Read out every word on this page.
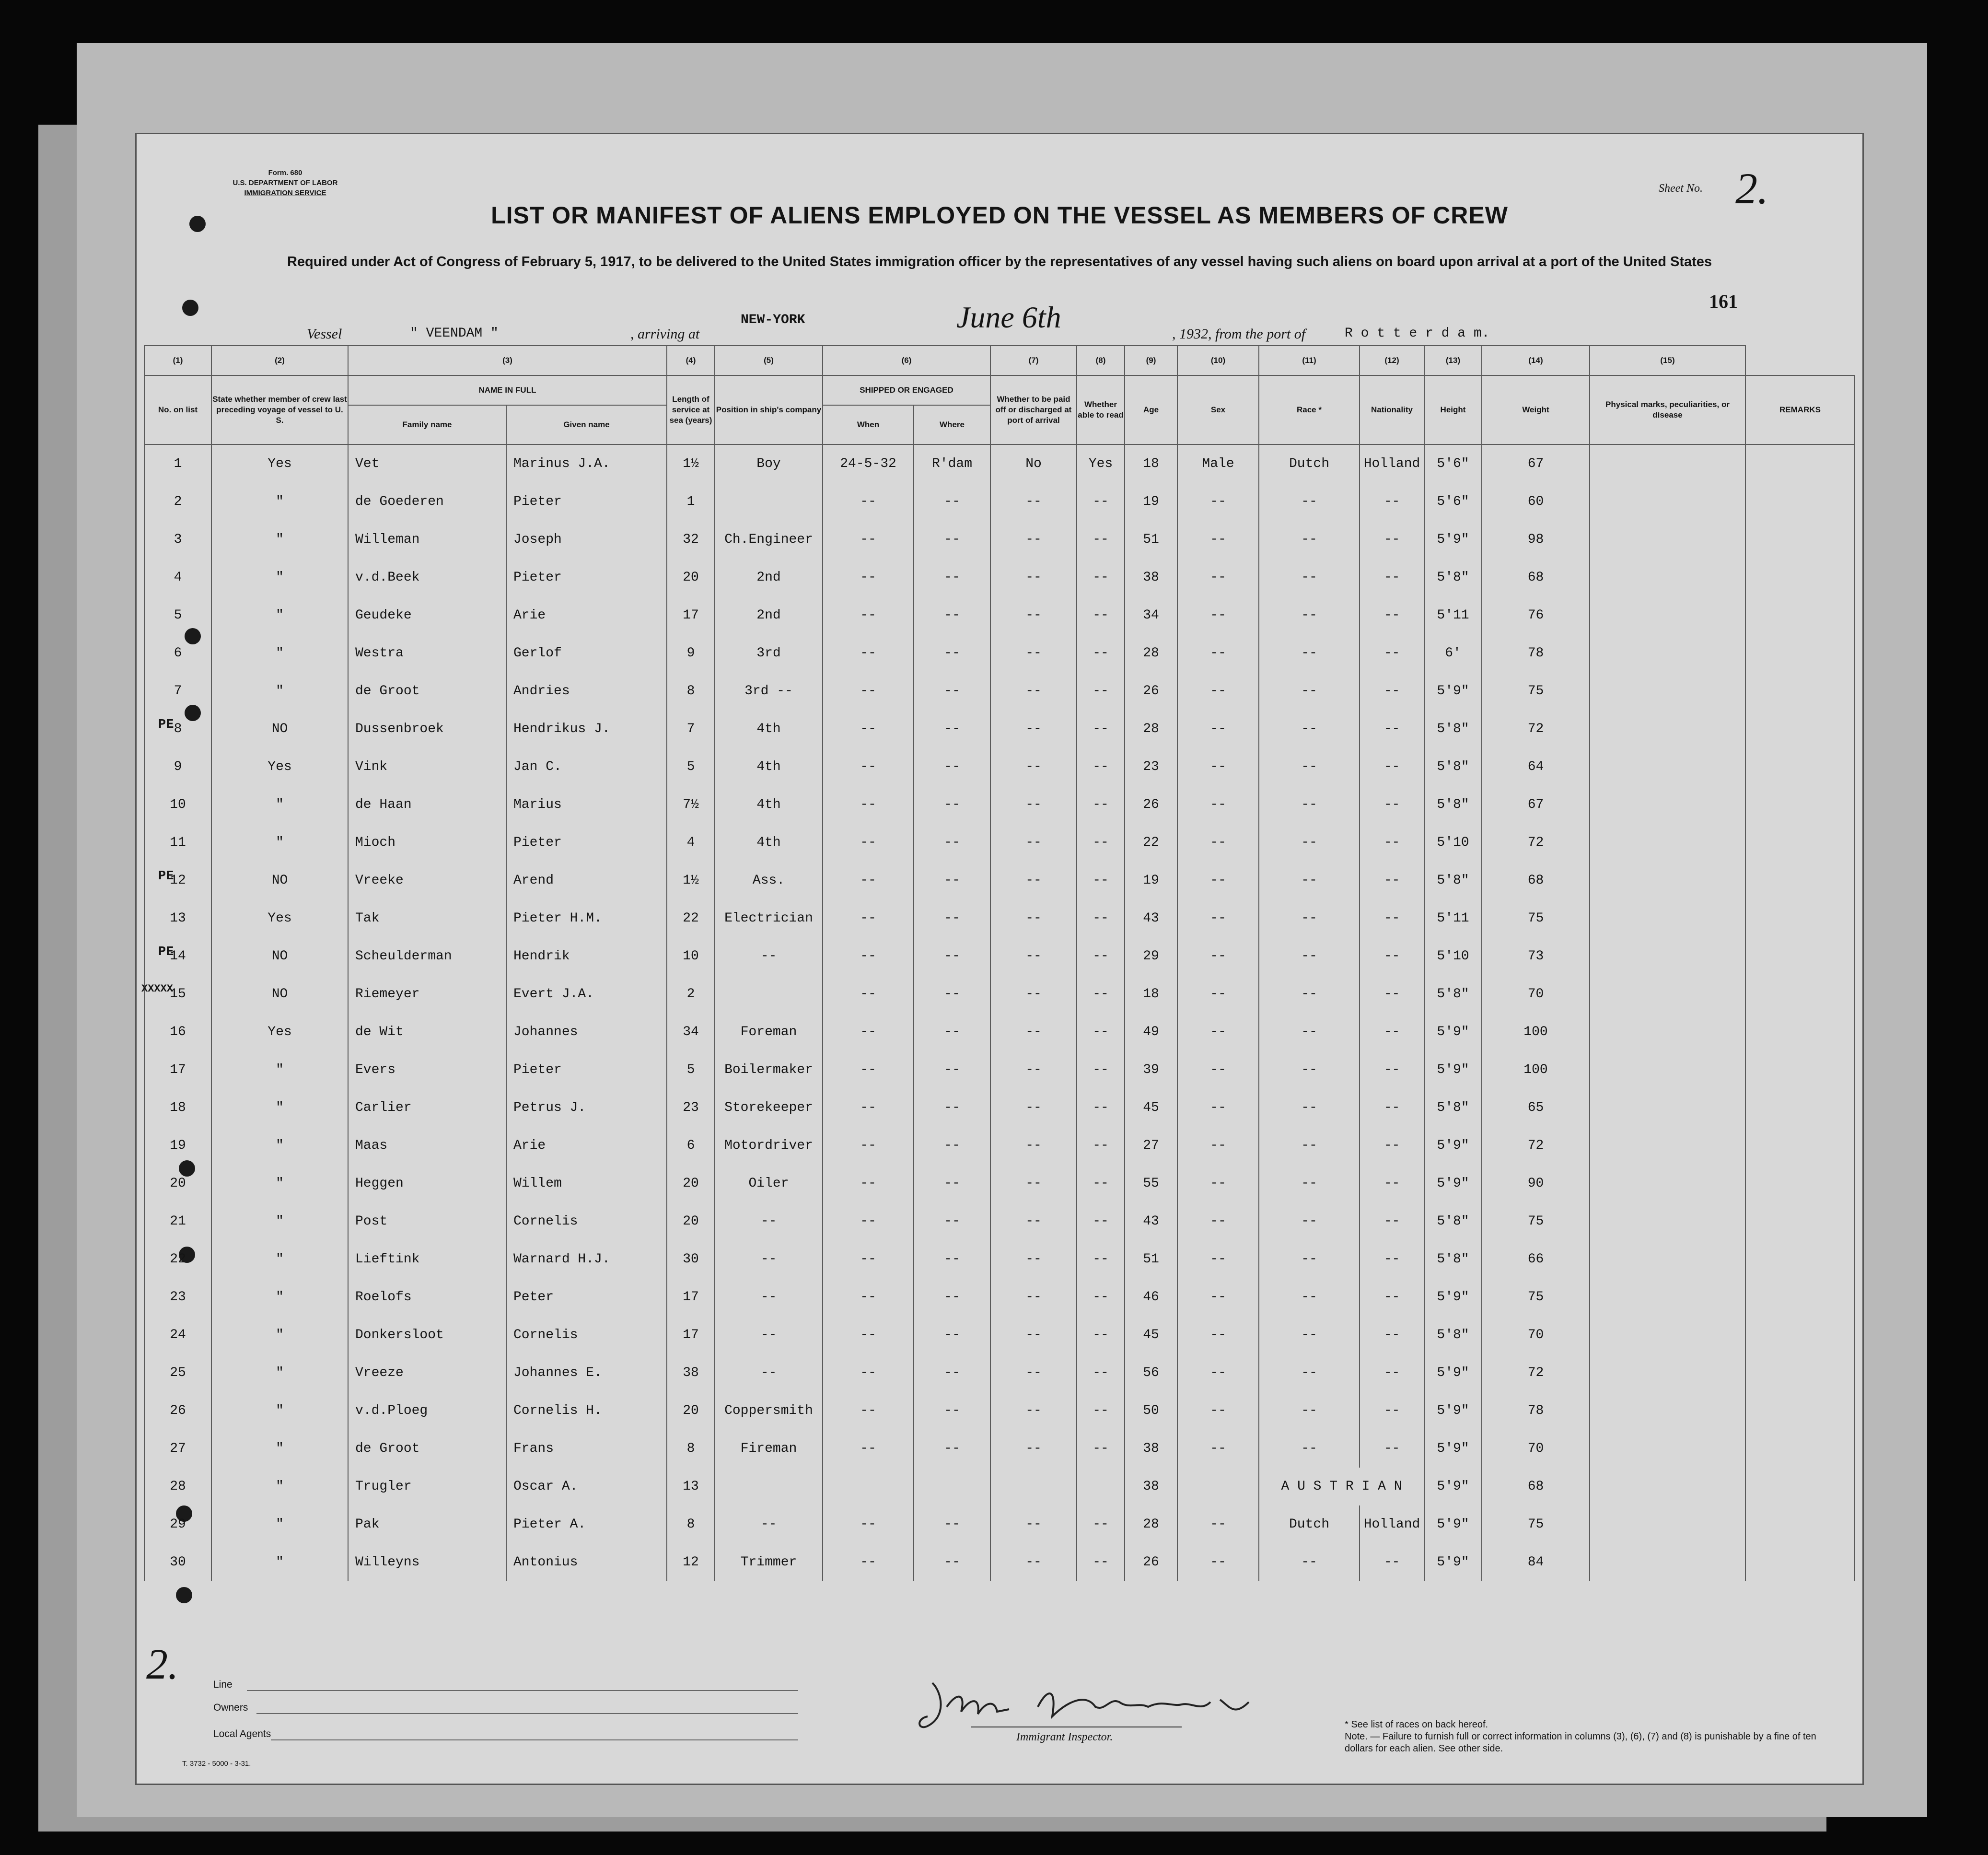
Form. 680
U.S. DEPARTMENT OF LABOR
IMMIGRATION SERVICE
LIST OR MANIFEST OF ALIENS EMPLOYED ON THE VESSEL AS MEMBERS OF CREW
Required under Act of Congress of February 5, 1917, to be delivered to the United States immigration officer by the representatives of any vessel having such aliens on board upon arrival at a port of the United States
Sheet No. 2.
161
Vessel	" VEENDAM "	, arriving at
NEW-YORK	June 6th	, 1932, from the port of	R o t t e r d a m.
(1)	(2)	(3)		(4)	(5)	(6)		(7)	(8)	(9)	(10)	(11)	(12)	(13)	(14)	(15)	
No. on list	State whether member of crew last preceding voyage of vessel to U. S.	NAME IN FULL		Length of service at sea (years)	Position in ship's company	SHIPPED OR ENGAGED		Whether to be paid off or discharged at port of arrival	Whether able to read	Age	Sex	Race *	Nationality	Height	Weight	Physical marks, peculiarities, or disease	REMARKS
		Family name	Given name			When	Where										
1	Yes	Vet	Marinus J.A.	1½	Boy	24-5-32	R'dam	No	Yes	18	Male	Dutch	Holland	5'6"	67		
2	"	de Goederen	Pieter	1		--	--	--	--	19	--	--	--	5'6"	60		
3	"	Willeman	Joseph	32	Ch.Engineer	--	--	--	--	51	--	--	--	5'9"	98		
4	"	v.d.Beek	Pieter	20	2nd	--	--	--	--	38	--	--	--	5'8"	68		
5	"	Geudeke	Arie	17	2nd	--	--	--	--	34	--	--	--	5'11	76		
6	"	Westra	Gerlof	9	3rd	--	--	--	--	28	--	--	--	6'	78		
7	"	de Groot	Andries	8	3rd --	--	--	--	--	26	--	--	--	5'9"	75		
8	NO	Dussenbroek	Hendrikus J.	7	4th	--	--	--	--	28	--	--	--	5'8"	72		
9	Yes	Vink	Jan C.	5	4th	--	--	--	--	23	--	--	--	5'8"	64		
10	"	de Haan	Marius	7½	4th	--	--	--	--	26	--	--	--	5'8"	67		
11	"	Mioch	Pieter	4	4th	--	--	--	--	22	--	--	--	5'10	72		
12	NO	Vreeke	Arend	1½	Ass.	--	--	--	--	19	--	--	--	5'8"	68		
13	Yes	Tak	Pieter H.M.	22	Electrician	--	--	--	--	43	--	--	--	5'11	75		
14	NO	Scheulderman	Hendrik	10	--	--	--	--	--	29	--	--	--	5'10	73		
15	NO	Riemeyer	Evert J.A.	2		--	--	--	--	18	--	--	--	5'8"	70		
16	Yes	de Wit	Johannes	34	Foreman	--	--	--	--	49	--	--	--	5'9"	100		
17	"	Evers	Pieter	5	Boilermaker	--	--	--	--	39	--	--	--	5'9"	100		
18	"	Carlier	Petrus J.	23	Storekeeper	--	--	--	--	45	--	--	--	5'8"	65		
19	"	Maas	Arie	6	Motordriver	--	--	--	--	27	--	--	--	5'9"	72		
20	"	Heggen	Willem	20	Oiler	--	--	--	--	55	--	--	--	5'9"	90		
21	"	Post	Cornelis	20	--	--	--	--	--	43	--	--	--	5'8"	75		
22	"	Lieftink	Warnard H.J.	30	--	--	--	--	--	51	--	--	--	5'8"	66		
23	"	Roelofs	Peter	17	--	--	--	--	--	46	--	--	--	5'9"	75		
24	"	Donkersloot	Cornelis	17	--	--	--	--	--	45	--	--	--	5'8"	70		
25	"	Vreeze	Johannes E.	38	--	--	--	--	--	56	--	--	--	5'9"	72		
26	"	v.d.Ploeg	Cornelis H.	20	Coppersmith	--	--	--	--	50	--	--	--	5'9"	78		
27	"	de Groot	Frans	8	Fireman	--	--	--	--	38	--	--	--	5'9"	70		
28	"	Trugler	Oscar A.	13						38		A U S T R I A N		5'9"	68		
29	"	Pak	Pieter A.	8	--	--	--	--	--	28	--	Dutch	Holland	5'9"	75		
30	"	Willeyns	Antonius	12	Trimmer	--	--	--	--	26	--	--	--	5'9"	84		
PE
PE
PE
XXXXX
2.	Line
Owners
Local Agents	Immigrant Inspector.
* See list of races on back hereof.
Note. — Failure to furnish full or correct information in columns (3), (6), (7) and (8) is punishable by a fine of ten dollars for each alien. See other side.
T. 3732 - 5000 - 3-31.
